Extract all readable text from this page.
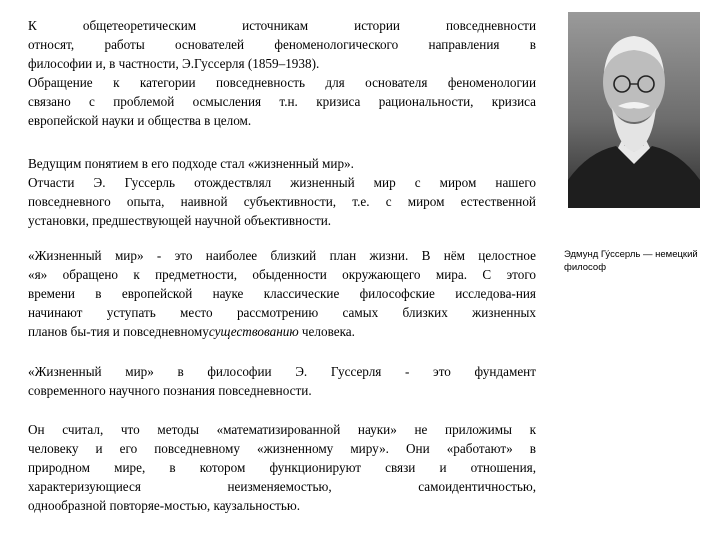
К общетеоретическим источникам истории повседневности
относят, работы основателей феноменологического направления в
философии и, в частности, Э.Гуссерля (1859–1938).
Обращение к категории повседневность для основателя феноменологии
связано с проблемой осмысления т.н. кризиса рациональности, кризиса
европейской науки и общества в целом.
Ведущим понятием в его подходе стал «жизненный мир».
Отчасти Э. Гуссерль отождествлял жизненный мир с миром нашего
повседневного опыта, наивной субъективности, т.е. с миром естественной
установки, предшествующей научной объективности.
«Жизненный мир» - это наиболее близкий план жизни. В нём целостное
«я» обращено к предметности, обыденности окружающего мира. С этого
времени в европейской науке классические философские исследова-ния
начинают уступать место рассмотрению самых близких жизненных
планов бы-тия и повседневномусуществованию человека.
«Жизненный мир» в философии Э. Гуссерля - это фундамент
современного научного познания повседневности.
Он считал, что методы «математизированной науки» не приложимы к
человеку и его повседневному «жизненному миру». Они «работают» в
природном мире, в котором функционируют связи и отношения,
характеризующиеся неизменяемостью, самоидентичностью,
однообразной повторяе-мостью, каузальностью.

Эдмунд Гу́ссерль — немецкий философ
